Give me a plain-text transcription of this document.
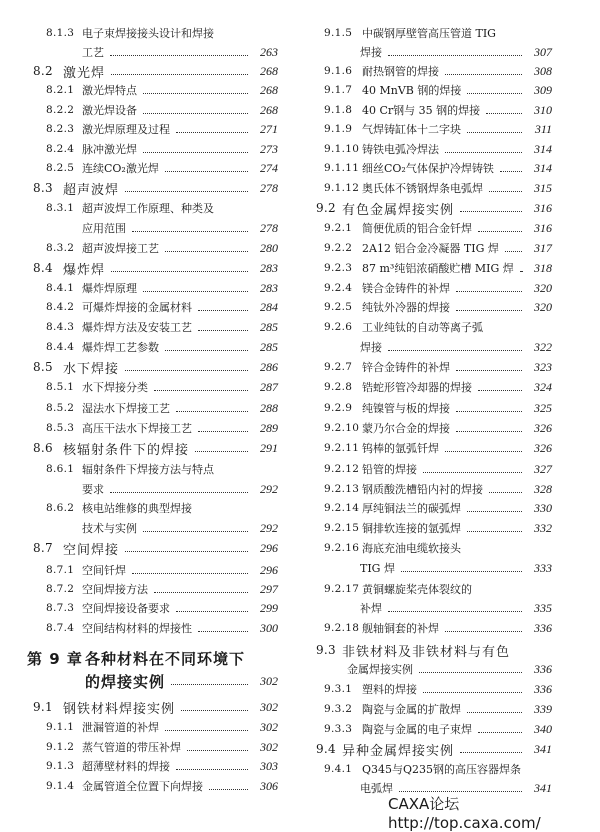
8.1.3 电子束焊接接头设计和焊接
工艺	263
8.2 激光焊	268
8.2.1 激光焊特点	268
8.2.2 激光焊设备	268
8.2.3 激光焊原理及过程	271
8.2.4 脉冲激光焊	273
8.2.5 连续CO₂激光焊	274
8.3 超声波焊	278
8.3.1 超声波焊工作原理、种类及
应用范围	278
8.3.2 超声波焊接工艺	280
8.4 爆炸焊	283
8.4.1 爆炸焊原理	283
8.4.2 可爆炸焊接的金属材料	284
8.4.3 爆炸焊方法及安装工艺	285
8.4.4 爆炸焊工艺参数	285
8.5 水下焊接	286
8.5.1 水下焊接分类	287
8.5.2 湿法水下焊接工艺	288
8.5.3 高压干法水下焊接工艺	289
8.6 核辐射条件下的焊接	291
8.6.1 辐射条件下焊接方法与特点
要求	292
8.6.2 核电站维修的典型焊接
技术与实例	292
8.7 空间焊接	296
8.7.1 空间钎焊	296
8.7.2 空间焊接方法	297
8.7.3 空间焊接设备要求	299
8.7.4 空间结构材料的焊接性	300
第 9 章 各种材料在不同环境下
的焊接实例	302
9.1 钢铁材料焊接实例	302
9.1.1 泄漏管道的补焊	302
9.1.2 蒸气管道的带压补焊	302
9.1.3 超薄壁材料的焊接	303
9.1.4 金属管道全位置下向焊接	306
9.1.5 中碳钢厚壁管高压管道 TIG
焊接	307
9.1.6 耐热钢管的焊接	308
9.1.7 40 MnVB 钢的焊接	309
9.1.8 40 Cr钢与 35 钢的焊接	310
9.1.9 气焊铸缸体十二字块	311
9.1.10 铸铁电弧冷焊法	314
9.1.11 细丝CO₂气体保护冷焊铸铁	314
9.1.12 奥氏体不锈钢焊条电弧焊	315
9.2 有色金属焊接实例	316
9.2.1 简便优质的铝合金钎焊	316
9.2.2 2A12 铝合金冷凝器 TIG 焊	317
9.2.3 87 m³纯铝浓硝酸贮槽 MIG 焊	318
9.2.4 镁合金铸件的补焊	320
9.2.5 纯钛外冷器的焊接	320
9.2.6 工业纯钛的自动等离子弧
焊接	322
9.2.7 锌合金铸件的补焊	323
9.2.8 锆蛇形管冷却器的焊接	324
9.2.9 纯镍管与板的焊接	325
9.2.10 蒙乃尔合金的焊接	326
9.2.11 钨棒的氩弧钎焊	326
9.2.12 铅管的焊接	327
9.2.13 钢质酸洗槽铅内衬的焊接	328
9.2.14 厚纯铜法兰的碳弧焊	330
9.2.15 铜排软连接的氩弧焊	332
9.2.16 海底充油电缆软接头
TIG 焊	333
9.2.17 黄铜螺旋桨壳体裂纹的
补焊	335
9.2.18 舰轴铜套的补焊	336
9.3 非铁材料及非铁材料与有色
金属焊接实例	336
9.3.1 塑料的焊接	336
9.3.2 陶瓷与金属的扩散焊	339
9.3.3 陶瓷与金属的电子束焊	340
9.4 异种金属焊接实例	341
9.4.1 Q345与Q235钢的高压容器焊条
电弧焊	341
CAXA论坛 http://top.caxa.com/
